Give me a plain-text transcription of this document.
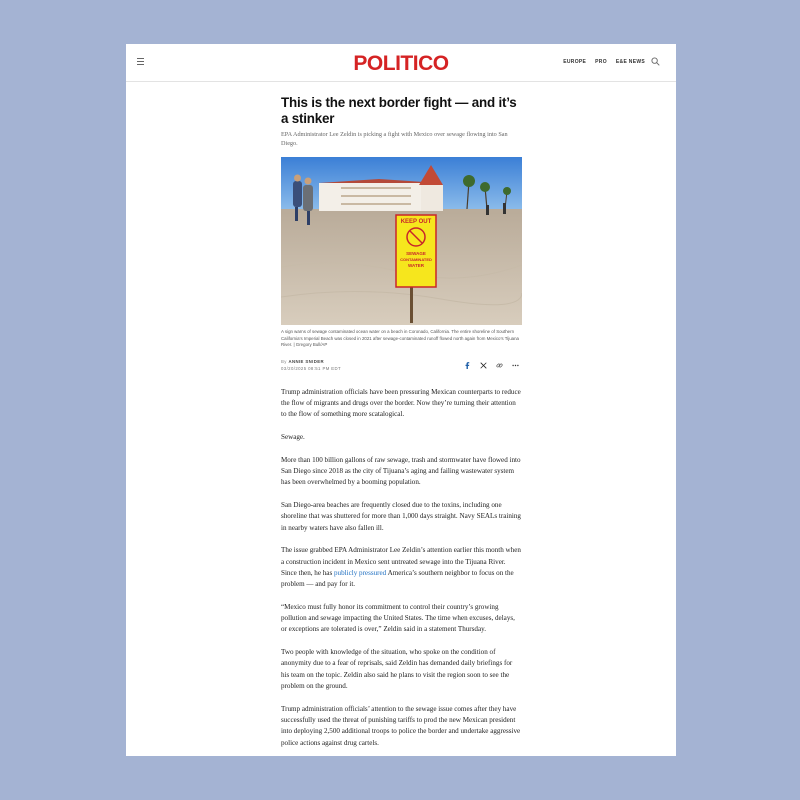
POLITICO	EUROPE PRO E&E NEWS
This is the next border fight — and it’s a stinker

EPA Administrator Lee Zeldin is picking a fight with Mexico over sewage flowing into San Diego.

KEEP OUT
SEWAGE
CONTAMINATED
WATER

A sign warns of sewage contaminated ocean water on a beach in Coronado, California. The entire shoreline of Southern California’s Imperial Beach was closed in 2021 after sewage-contaminated runoff flowed north again from Mexico’s Tijuana River. | Gregory Bull/AP

By ANNIE SNIDER
03/20/2025 08:51 PM EDT

Trump administration officials have been pressuring Mexican counterparts to reduce the flow of migrants and drugs over the border. Now they’re turning their attention to the flow of something more scatalogical.

Sewage.

More than 100 billion gallons of raw sewage, trash and stormwater have flowed into San Diego since 2018 as the city of Tijuana’s aging and failing wastewater system has been overwhelmed by a booming population.

San Diego-area beaches are frequently closed due to the toxins, including one shoreline that was shuttered for more than 1,000 days straight. Navy SEALs training in nearby waters have also fallen ill.

The issue grabbed EPA Administrator Lee Zeldin’s attention earlier this month when a construction incident in Mexico sent untreated sewage into the Tijuana River. Since then, he has publicly pressured America’s southern neighbor to focus on the problem — and pay for it.

“Mexico must fully honor its commitment to control their country’s growing pollution and sewage impacting the United States. The time when excuses, delays, or exceptions are tolerated is over,” Zeldin said in a statement Thursday.

Two people with knowledge of the situation, who spoke on the condition of anonymity due to a fear of reprisals, said Zeldin has demanded daily briefings for his team on the topic. Zeldin also said he plans to visit the region soon to see the problem on the ground.

Trump administration officials’ attention to the sewage issue comes after they have successfully used the threat of punishing tariffs to prod the new Mexican president into deploying 2,500 additional troops to police the border and undertake aggressive police actions against drug cartels.
